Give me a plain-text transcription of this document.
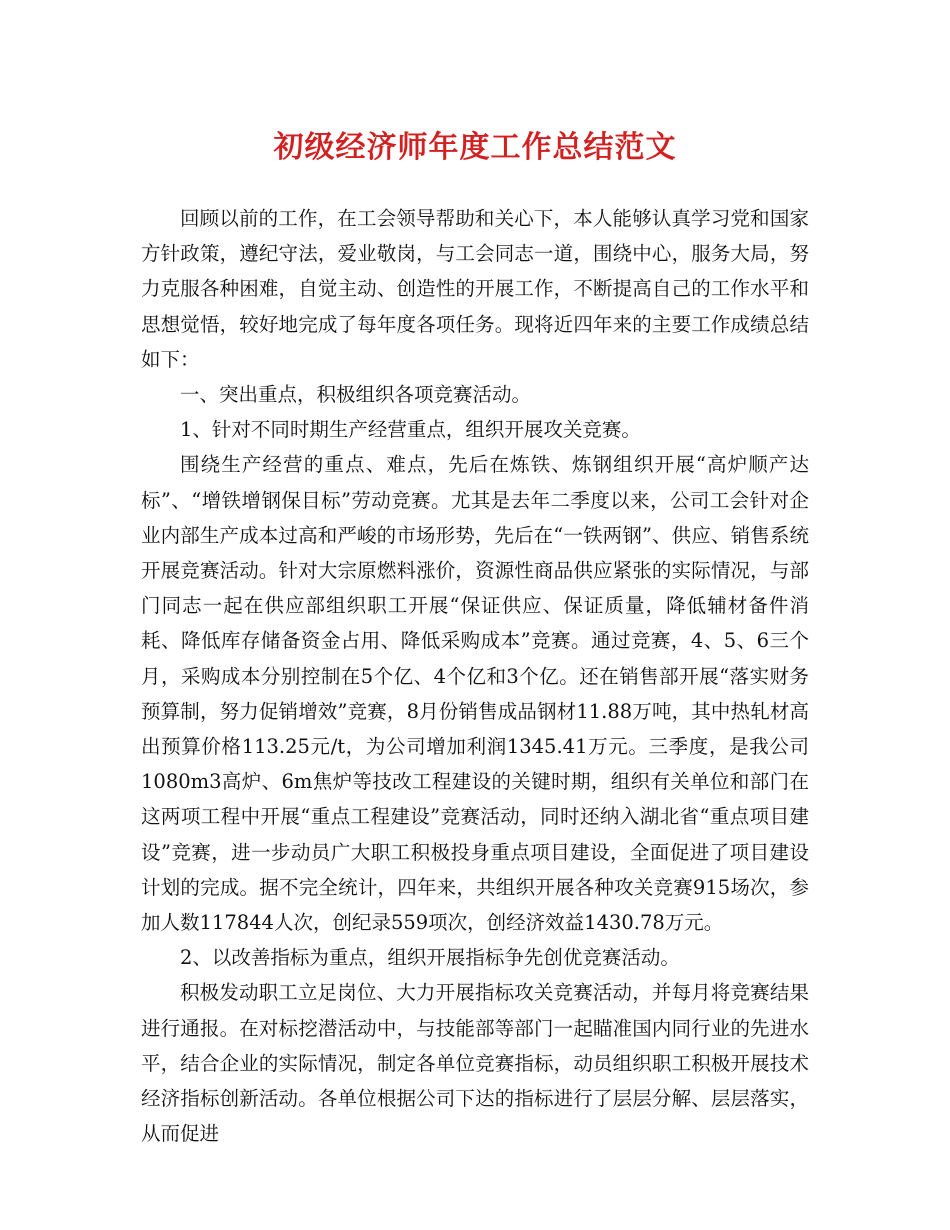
初级经济师年度工作总结范文

回顾以前的工作，在工会领导帮助和关心下，本人能够认真学习党和国家方针政策，遵纪守法，爱业敬岗，与工会同志一道，围绕中心，服务大局，努力克服各种困难，自觉主动、创造性的开展工作，不断提高自己的工作水平和思想觉悟，较好地完成了每年度各项任务。现将近四年来的主要工作成绩总结如下：

一、突出重点，积极组织各项竞赛活动。

1、针对不同时期生产经营重点，组织开展攻关竞赛。

围绕生产经营的重点、难点，先后在炼铁、炼钢组织开展“高炉顺产达标”、“增铁增钢保目标”劳动竞赛。尤其是去年二季度以来，公司工会针对企业内部生产成本过高和严峻的市场形势，先后在“一铁两钢”、供应、销售系统开展竞赛活动。针对大宗原燃料涨价，资源性商品供应紧张的实际情况，与部门同志一起在供应部组织职工开展“保证供应、保证质量，降低辅材备件消耗、降低库存储备资金占用、降低采购成本”竞赛。通过竞赛，4、5、6三个月，采购成本分别控制在5个亿、4个亿和3个亿。还在销售部开展“落实财务预算制，努力促销增效”竞赛，8月份销售成品钢材11.88万吨，其中热轧材高出预算价格113.25元/t，为公司增加利润1345.41万元。三季度，是我公司1080m3高炉、6m焦炉等技改工程建设的关键时期，组织有关单位和部门在这两项工程中开展“重点工程建设”竞赛活动，同时还纳入湖北省“重点项目建设”竞赛，进一步动员广大职工积极投身重点项目建设，全面促进了项目建设计划的完成。据不完全统计，四年来，共组织开展各种攻关竞赛915场次，参加人数117844人次，创纪录559项次，创经济效益1430.78万元。

2、以改善指标为重点，组织开展指标争先创优竞赛活动。

积极发动职工立足岗位、大力开展指标攻关竞赛活动，并每月将竞赛结果进行通报。在对标挖潜活动中，与技能部等部门一起瞄准国内同行业的先进水平，结合企业的实际情况，制定各单位竞赛指标，动员组织职工积极开展技术经济指标创新活动。各单位根据公司下达的指标进行了层层分解、层层落实，从而促进
